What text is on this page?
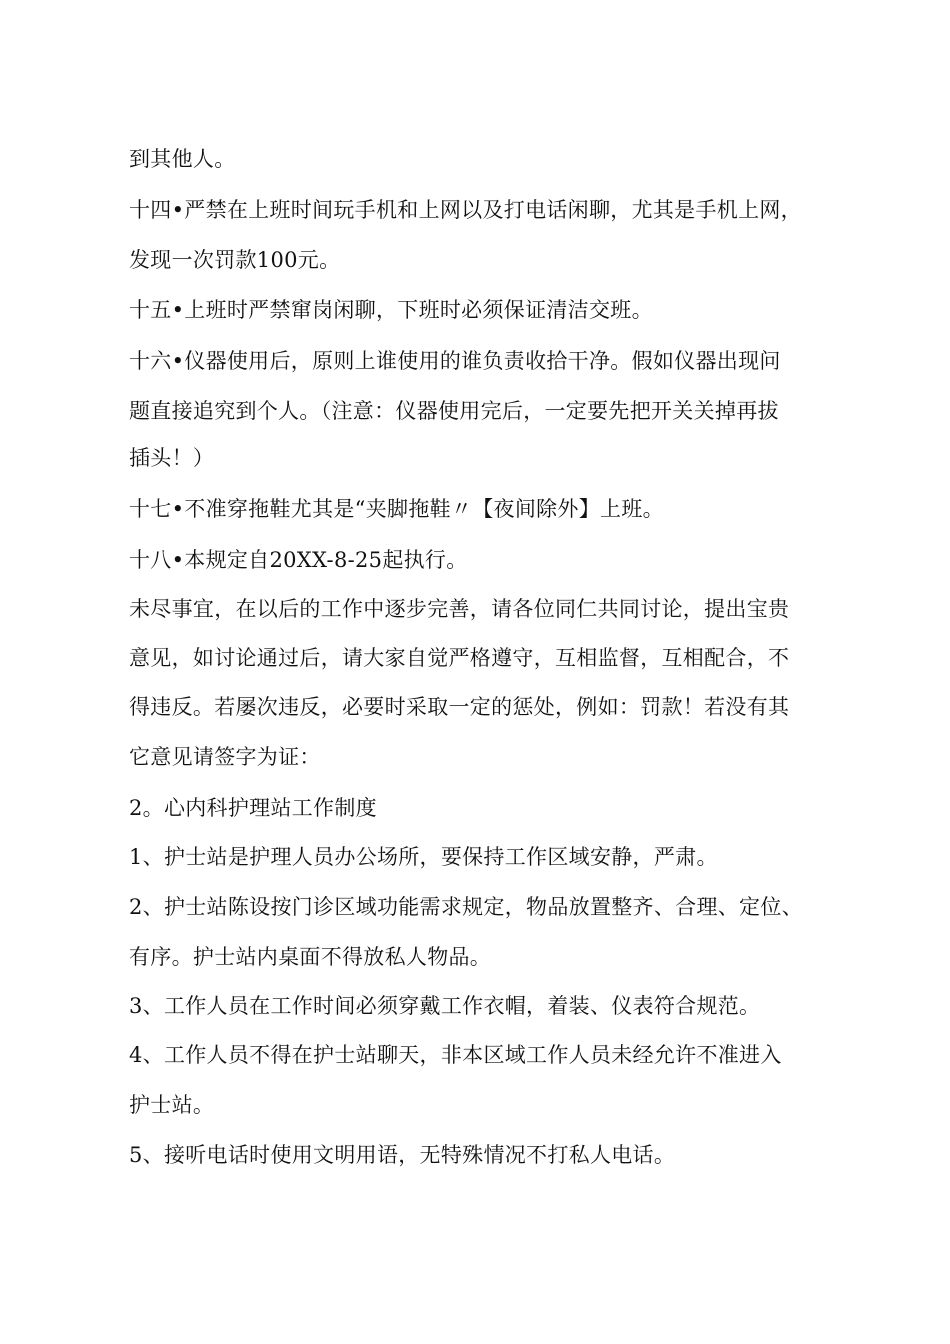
到其他人。
十四•严禁在上班时间玩手机和上网以及打电话闲聊，尤其是手机上网，
发现一次罚款100元。
十五•上班时严禁窜岗闲聊，下班时必须保证清洁交班。
十六•仪器使用后，原则上谁使用的谁负责收拾干净。假如仪器出现问
题直接追究到个人。（注意：仪器使用完后，一定要先把开关关掉再拔
插头！）
十七•不准穿拖鞋尤其是“夹脚拖鞋〃【夜间除外】上班。
十八•本规定自20XX-8-25起执行。
未尽事宜，在以后的工作中逐步完善，请各位同仁共同讨论，提出宝贵
意见，如讨论通过后，请大家自觉严格遵守，互相监督，互相配合，不
得违反。若屡次违反，必要时采取一定的惩处，例如：罚款！若没有其
它意见请签字为证：
2。心内科护理站工作制度
1、护士站是护理人员办公场所，要保持工作区域安静，严肃。
2、护士站陈设按门诊区域功能需求规定，物品放置整齐、合理、定位、
有序。护士站内桌面不得放私人物品。
3、工作人员在工作时间必须穿戴工作衣帽，着装、仪表符合规范。
4、工作人员不得在护士站聊天，非本区域工作人员未经允许不准进入
护士站。
5、接听电话时使用文明用语，无特殊情况不打私人电话。
